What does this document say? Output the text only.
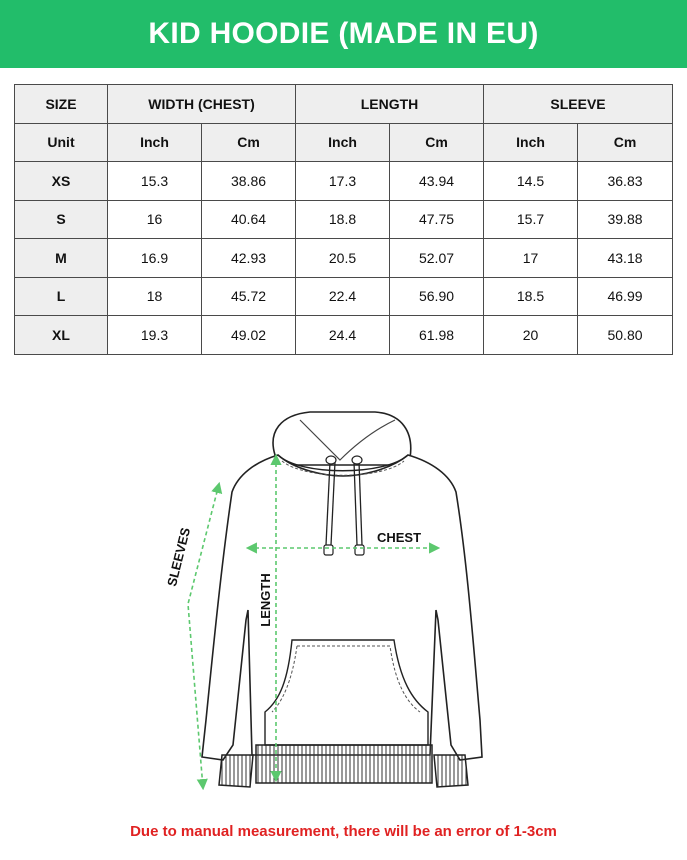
KID HOODIE (MADE IN EU)
SIZE	WIDTH (CHEST)		LENGTH		SLEEVE	
Unit	Inch	Cm	Inch	Cm	Inch	Cm
XS	15.3	38.86	17.3	43.94	14.5	36.83
S	16	40.64	18.8	47.75	15.7	39.88
M	16.9	42.93	20.5	52.07	17	43.18
L	18	45.72	22.4	56.90	18.5	46.99
XL	19.3	49.02	24.4	61.98	20	50.80
CHEST
LENGTH
SLEEVES
Due to manual measurement, there will be an error of 1-3cm
